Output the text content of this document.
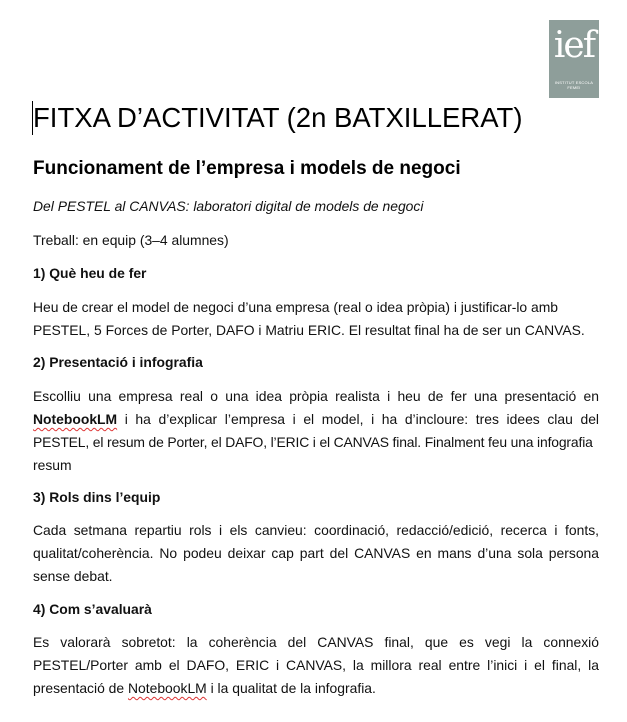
ief
INSTITUT ESCOLA FEMEI
FITXA D’ACTIVITAT (2n BATXILLERAT)
Funcionament de l’empresa i models de negoci

Del PESTEL al CANVAS: laboratori digital de models de negoci

Treball: en equip (3–4 alumnes)

1) Què heu de fer

Heu de crear el model de negoci d’una empresa (real o idea pròpia) i justificar-lo amb

PESTEL, 5 Forces de Porter, DAFO i Matriu ERIC. El resultat final ha de ser un CANVAS.

2) Presentació i infografia

Escolliu una empresa real o una idea pròpia realista i heu de fer una presentació en

NotebookLM i ha d’explicar l’empresa i el model, i ha d’incloure: tres idees clau del

PESTEL, el resum de Porter, el DAFO, l’ERIC i el CANVAS final. Finalment feu una infografia

resum

3) Rols dins l’equip

Cada setmana repartiu rols i els canvieu: coordinació, redacció/edició, recerca i fonts,

qualitat/coherència. No podeu deixar cap part del CANVAS en mans d’una sola persona

sense debat.

4) Com s’avaluarà

Es valorarà sobretot: la coherència del CANVAS final, que es vegi la connexió

PESTEL/Porter amb el DAFO, ERIC i CANVAS, la millora real entre l’inici i el final, la

presentació de NotebookLM i la qualitat de la infografia.
